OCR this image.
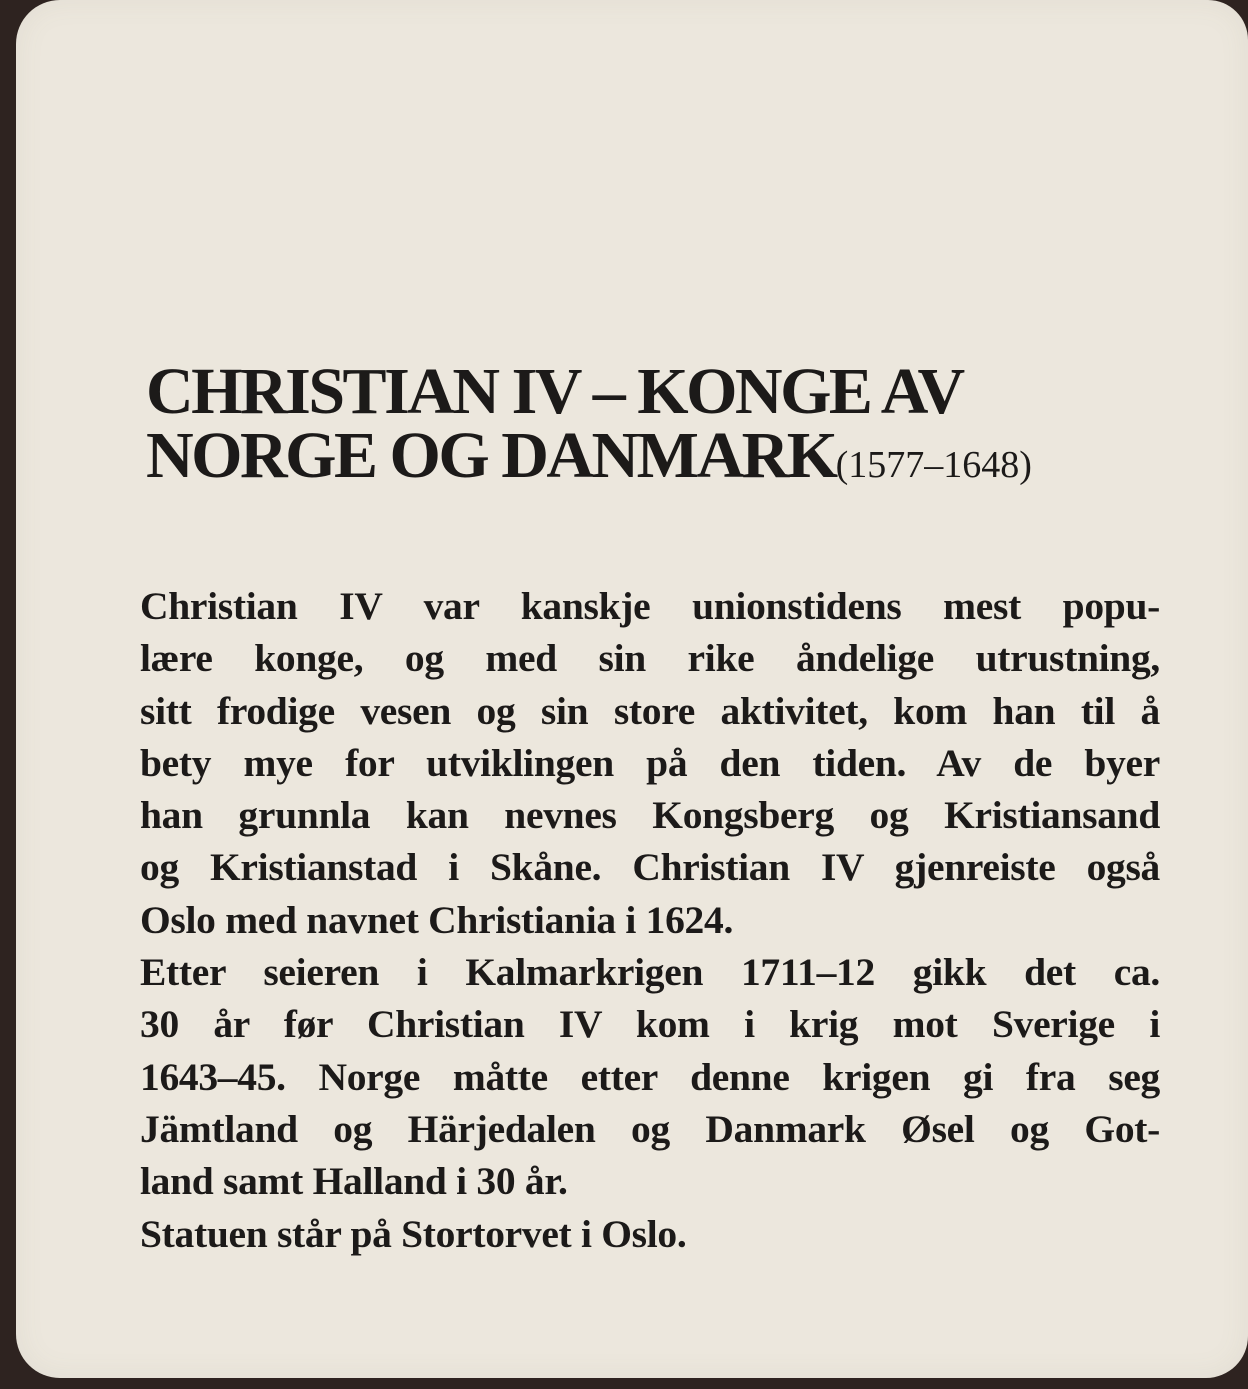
CHRISTIAN IV – KONGE AV
NORGE OG DANMARK(1577–1648)
Christian IV var kanskje unionstidens mest popu-
lære konge, og med sin rike åndelige utrustning,
sitt frodige vesen og sin store aktivitet, kom han til å
bety mye for utviklingen på den tiden. Av de byer
han grunnla kan nevnes Kongsberg og Kristiansand
og Kristianstad i Skåne. Christian IV gjenreiste også
Oslo med navnet Christiania i 1624.
Etter seieren i Kalmarkrigen 1711–12 gikk det ca.
30 år før Christian IV kom i krig mot Sverige i
1643–45. Norge måtte etter denne krigen gi fra seg
Jämtland og Härjedalen og Danmark Øsel og Got-
land samt Halland i 30 år.
Statuen står på Stortorvet i Oslo.
